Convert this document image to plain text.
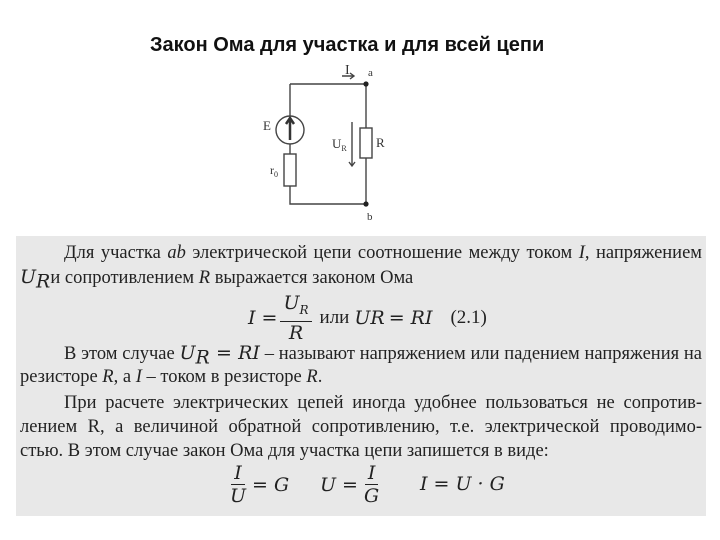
Закон Ома для участка и для всей цепи
I a
b
E
$U_R$ R
$r_0$
Для участка ab электрической цепи соотношение между током I, напряжением
$U_Rи$ сопротивлением R выражается законом Ома
$I = \frac{U_R}{R}$ или U R = RI (2.1)
В этом случае $U_R$ = RI – называют напряжением или падением напряжения на
резисторе R, а I – током в резисторе R.
При расчете электрических цепей иногда удобнее пользоваться не сопротив-
лением R, а величиной обратной сопротивлению, т.е. электрической проводимо-
стью. В этом случае закон Ома для участка цепи запишется в виде:
$\frac{I}{U} = G$ $U = \frac{I}{G}$ I = U · G
